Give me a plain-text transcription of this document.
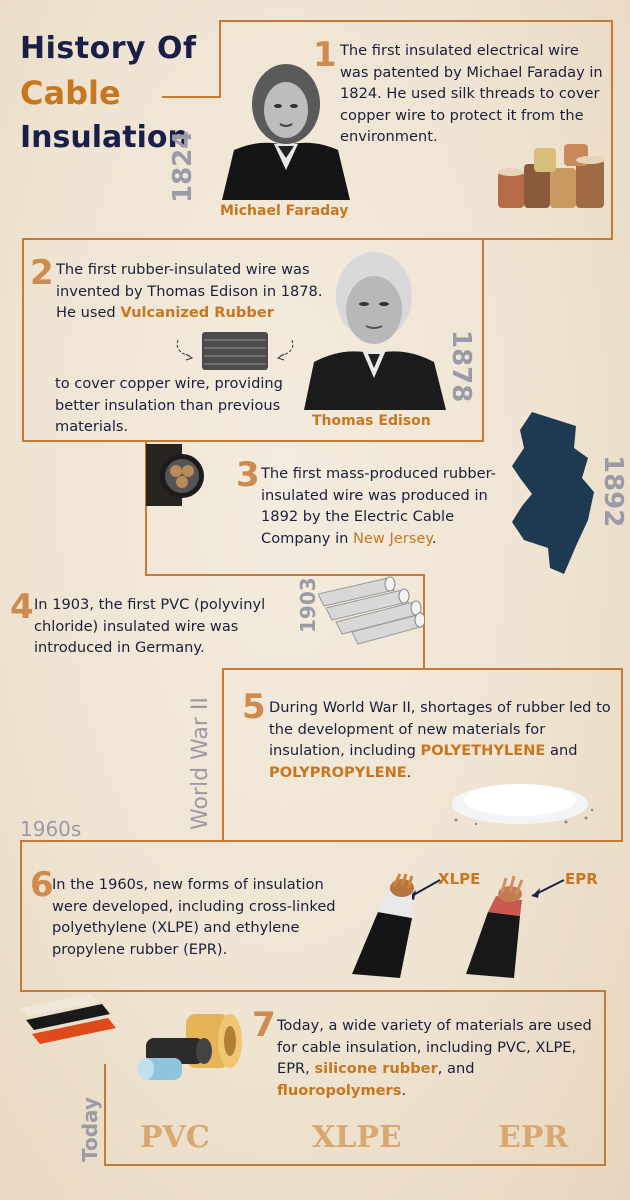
History Of
Cable
Insulation
1824
Michael Faraday
1 The first insulated electrical wire was patented by Michael Faraday in 1824. He used silk threads to cover copper wire to protect it from the environment.
2 The first rubber-insulated wire was invented by Thomas Edison in 1878. He used Vulcanized Rubber
to cover copper wire, providing better insulation than previous materials.
1878
Thomas Edison
3 The first mass-produced rubber-insulated wire was produced in 1892 by the Electric Cable Company in New Jersey.
1892
4 In 1903, the first PVC (polyvinyl chloride) insulated wire was introduced in Germany.
1903
World War II 5 During World War II, shortages of rubber led to the development of new materials for insulation, including POLYETHYLENE and POLYPROPYLENE.
1960s
6
In the 1960s, new forms of insulation were developed, including cross-linked polyethylene (XLPE) and ethylene propylene rubber (EPR).
XLPE	EPR
7 Today, a wide variety of materials are used for cable insulation, including PVC, XLPE, EPR, silicone rubber, and fluoropolymers.
Today PVC	XLPE	EPR
